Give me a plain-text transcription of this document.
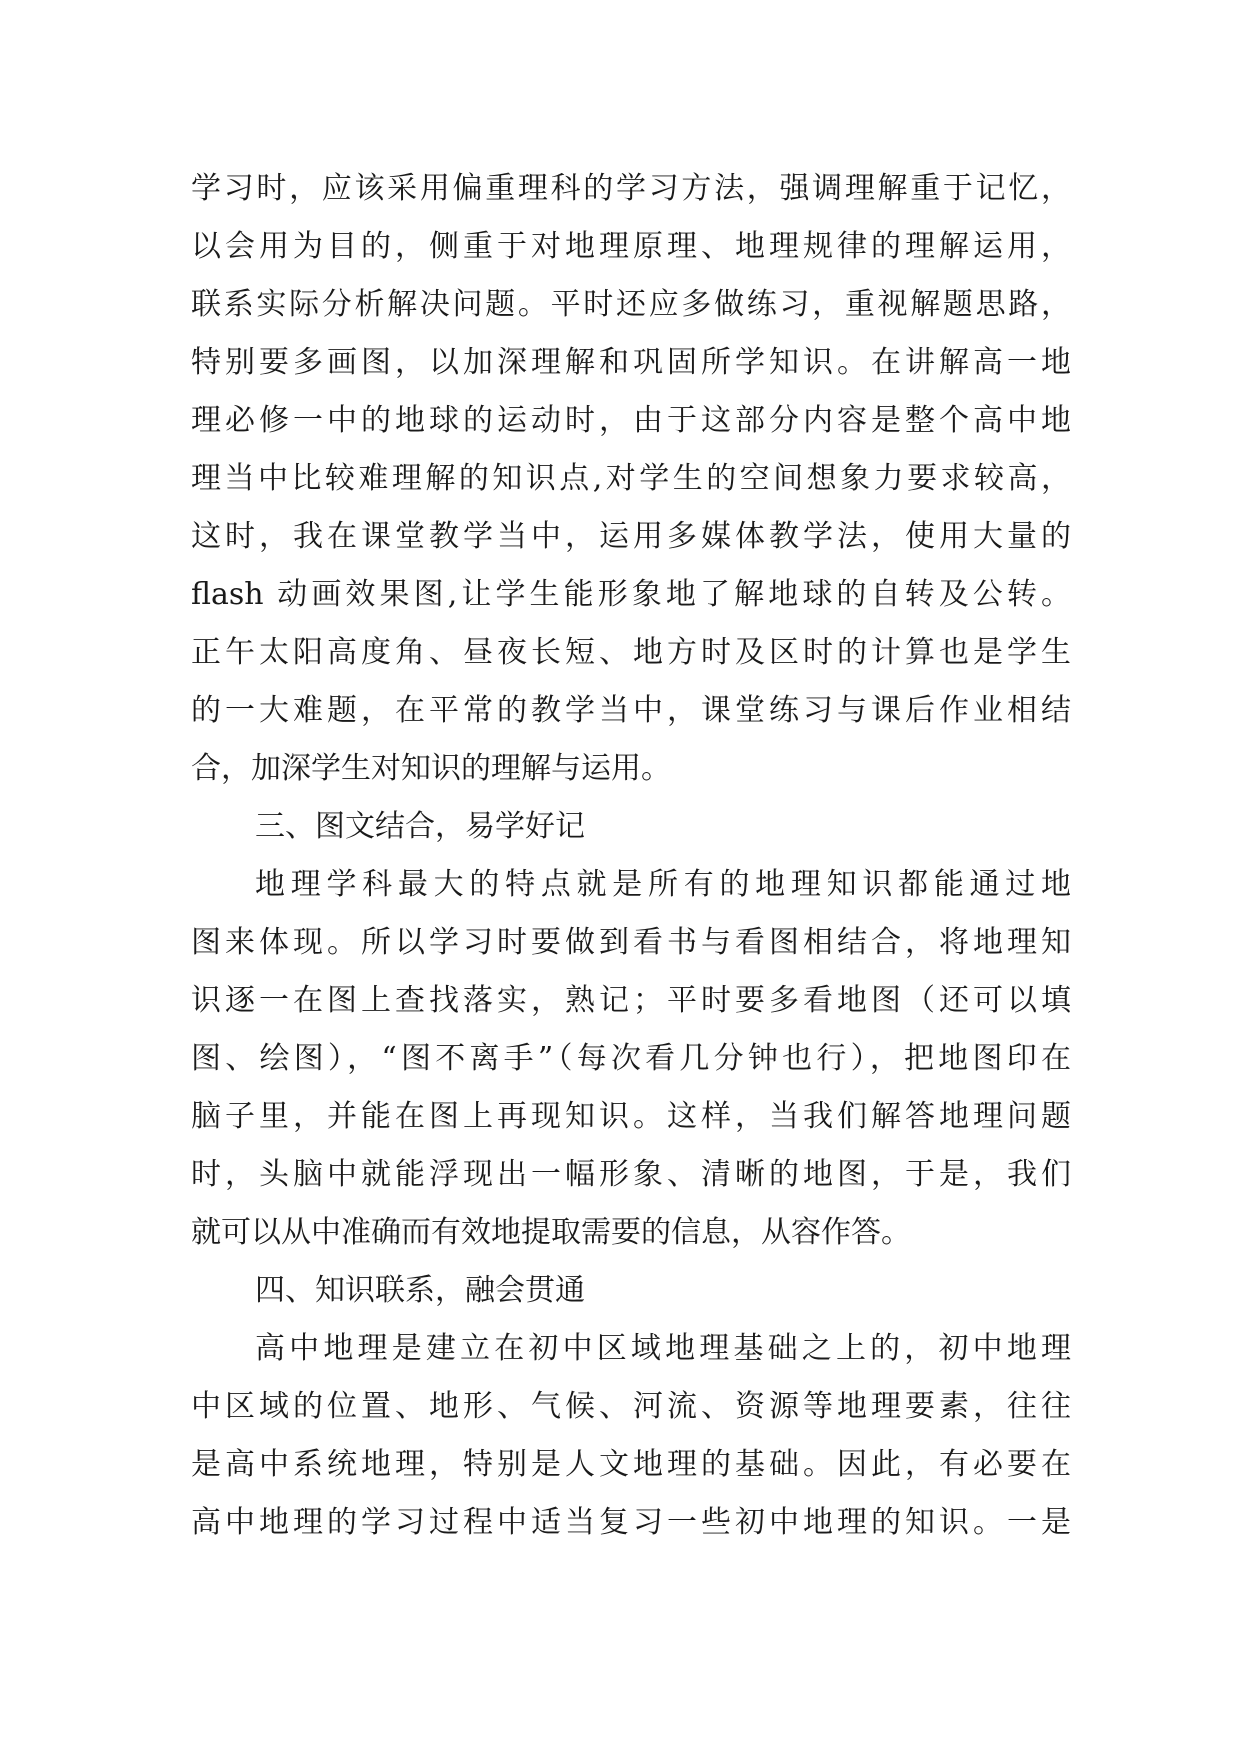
学习时，应该采用偏重理科的学习方法，强调理解重于记忆，
以会用为目的，侧重于对地理原理、地理规律的理解运用，
联系实际分析解决问题。平时还应多做练习，重视解题思路，
特别要多画图，以加深理解和巩固所学知识。在讲解高一地
理必修一中的地球的运动时，由于这部分内容是整个高中地
理当中比较难理解的知识点,对学生的空间想象力要求较高，
这时，我在课堂教学当中，运用多媒体教学法，使用大量的
flash 动画效果图,让学生能形象地了解地球的自转及公转。
正午太阳高度角、昼夜长短、地方时及区时的计算也是学生
的一大难题，在平常的教学当中，课堂练习与课后作业相结
合，加深学生对知识的理解与运用。
三、图文结合，易学好记
地理学科最大的特点就是所有的地理知识都能通过地
图来体现。所以学习时要做到看书与看图相结合，将地理知
识逐一在图上查找落实，熟记；平时要多看地图（还可以填
图、绘图），“图不离手”（每次看几分钟也行），把地图印在
脑子里，并能在图上再现知识。这样，当我们解答地理问题
时，头脑中就能浮现出一幅形象、清晰的地图，于是，我们
就可以从中准确而有效地提取需要的信息，从容作答。
四、知识联系，融会贯通
高中地理是建立在初中区域地理基础之上的，初中地理
中区域的位置、地形、气候、河流、资源等地理要素，往往
是高中系统地理，特别是人文地理的基础。因此，有必要在
高中地理的学习过程中适当复习一些初中地理的知识。一是
